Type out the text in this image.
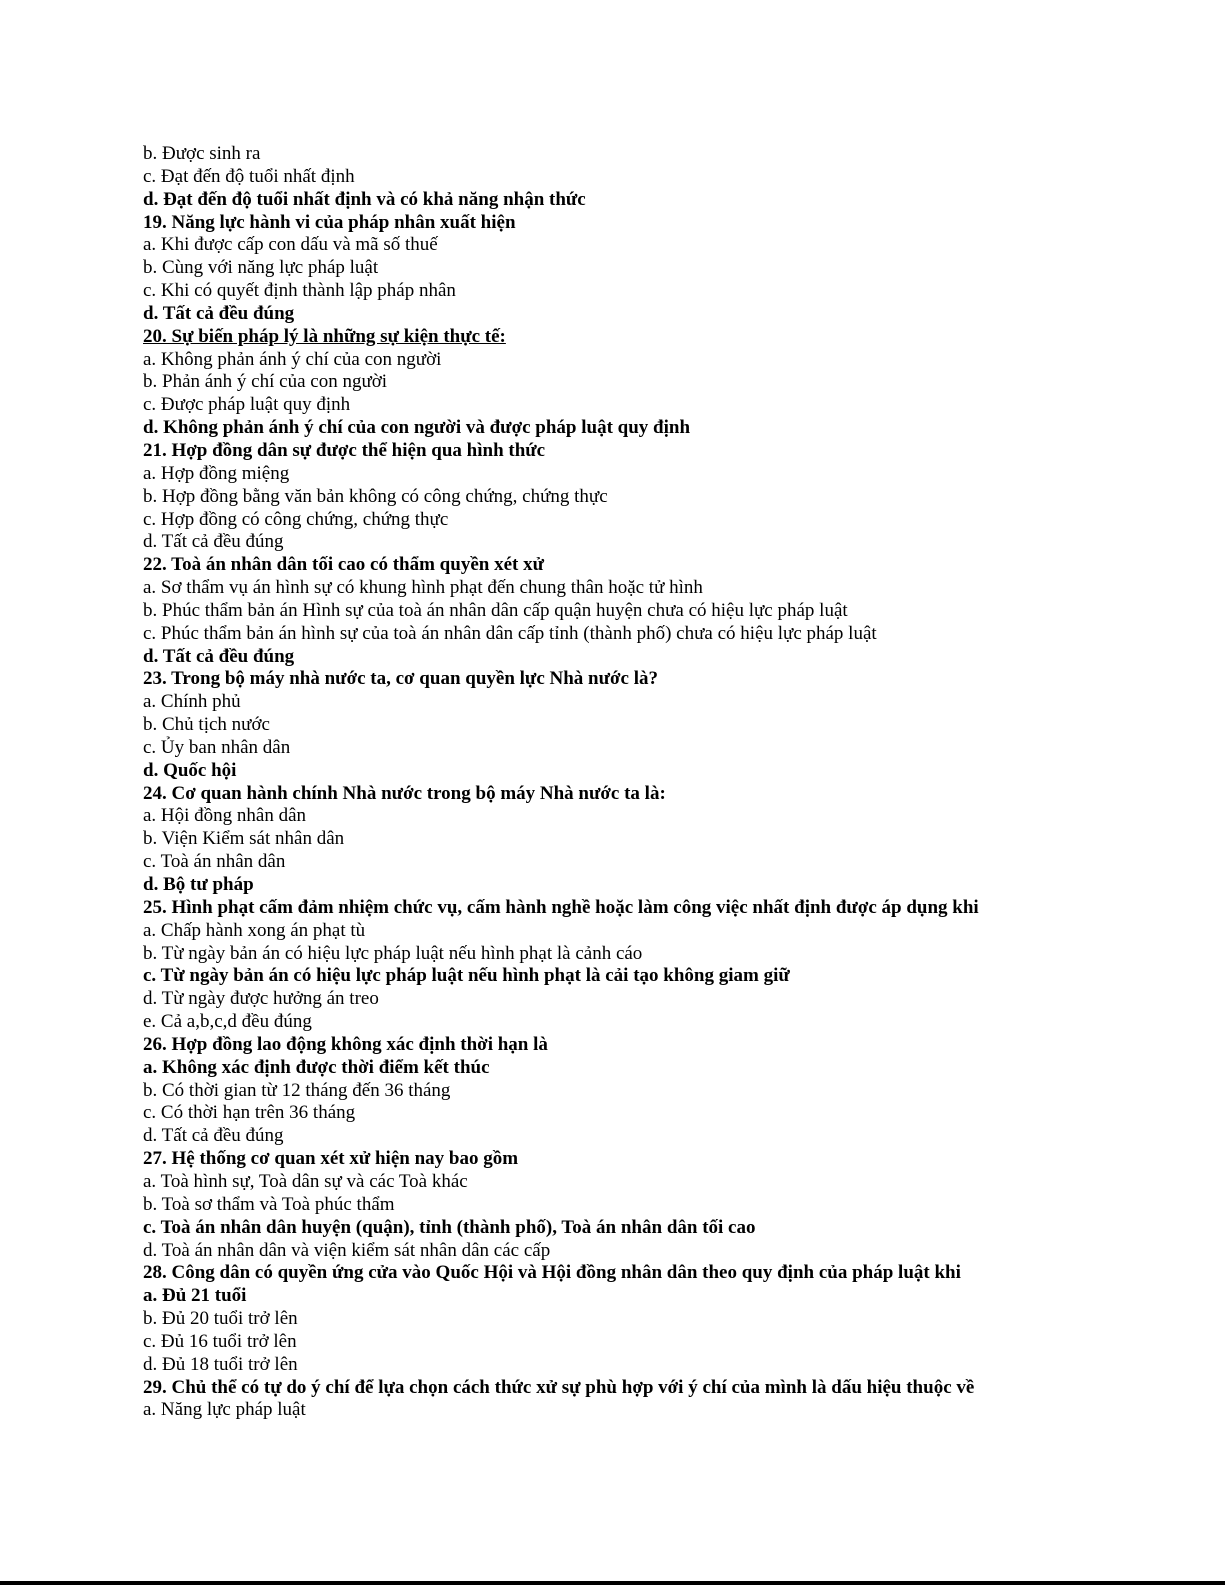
b. Được sinh ra
c. Đạt đến độ tuổi nhất định
d. Đạt đến độ tuổi nhất định và có khả năng nhận thức
19. Năng lực hành vi của pháp nhân xuất hiện
a. Khi được cấp con dấu và mã số thuế
b. Cùng với năng lực pháp luật
c. Khi có quyết định thành lập pháp nhân
d. Tất cả đều đúng
20. Sự biến pháp lý là những sự kiện thực tế:
a. Không phản ánh ý chí của con người
b. Phản ánh ý chí của con người
c. Được pháp luật quy định
d. Không phản ánh ý chí của con người và được pháp luật quy định
21. Hợp đồng dân sự được thể hiện qua hình thức
a. Hợp đồng miệng
b. Hợp đồng bằng văn bản không có công chứng, chứng thực
c. Hợp đồng có công chứng, chứng thực
d. Tất cả đều đúng
22. Toà án nhân dân tối cao có thẩm quyền xét xử
a. Sơ thẩm vụ án hình sự có khung hình phạt đến chung thân hoặc tử hình
b. Phúc thẩm bản án Hình sự của toà án nhân dân cấp quận huyện chưa có hiệu lực pháp luật
c. Phúc thẩm bản án hình sự của toà án nhân dân cấp tỉnh (thành phố) chưa có hiệu lực pháp luật
d. Tất cả đều đúng
23. Trong bộ máy nhà nước ta, cơ quan quyền lực Nhà nước là?
a. Chính phủ
b. Chủ tịch nước
c. Ủy ban nhân dân
d. Quốc hội
24. Cơ quan hành chính Nhà nước trong bộ máy Nhà nước ta là:
a. Hội đồng nhân dân
b. Viện Kiểm sát nhân dân
c. Toà án nhân dân
d. Bộ tư pháp
25. Hình phạt cấm đảm nhiệm chức vụ, cấm hành nghề hoặc làm công việc nhất định được áp dụng khi
a. Chấp hành xong án phạt tù
b. Từ ngày bản án có hiệu lực pháp luật nếu hình phạt là cảnh cáo
c. Từ ngày bản án có hiệu lực pháp luật nếu hình phạt là cải tạo không giam giữ
d. Từ ngày được hưởng án treo
e. Cả a,b,c,d đều đúng
26. Hợp đồng lao động không xác định thời hạn là
a. Không xác định được thời điểm kết thúc
b. Có thời gian từ 12 tháng đến 36 tháng
c. Có thời hạn trên 36 tháng
d. Tất cả đều đúng
27. Hệ thống cơ quan xét xử hiện nay bao gồm
a. Toà hình sự, Toà dân sự và các Toà khác
b. Toà sơ thẩm và Toà phúc thẩm
c. Toà án nhân dân huyện (quận), tỉnh (thành phố), Toà án nhân dân tối cao
d. Toà án nhân dân và viện kiểm sát nhân dân các cấp
28. Công dân có quyền ứng cửa vào Quốc Hội và Hội đồng nhân dân theo quy định của pháp luật khi
a. Đủ 21 tuổi
b. Đủ 20 tuổi trở lên
c. Đủ 16 tuổi trở lên
d. Đủ 18 tuổi trở lên
29. Chủ thể có tự do ý chí để lựa chọn cách thức xử sự phù hợp với ý chí của mình là dấu hiệu thuộc về
a. Năng lực pháp luật
